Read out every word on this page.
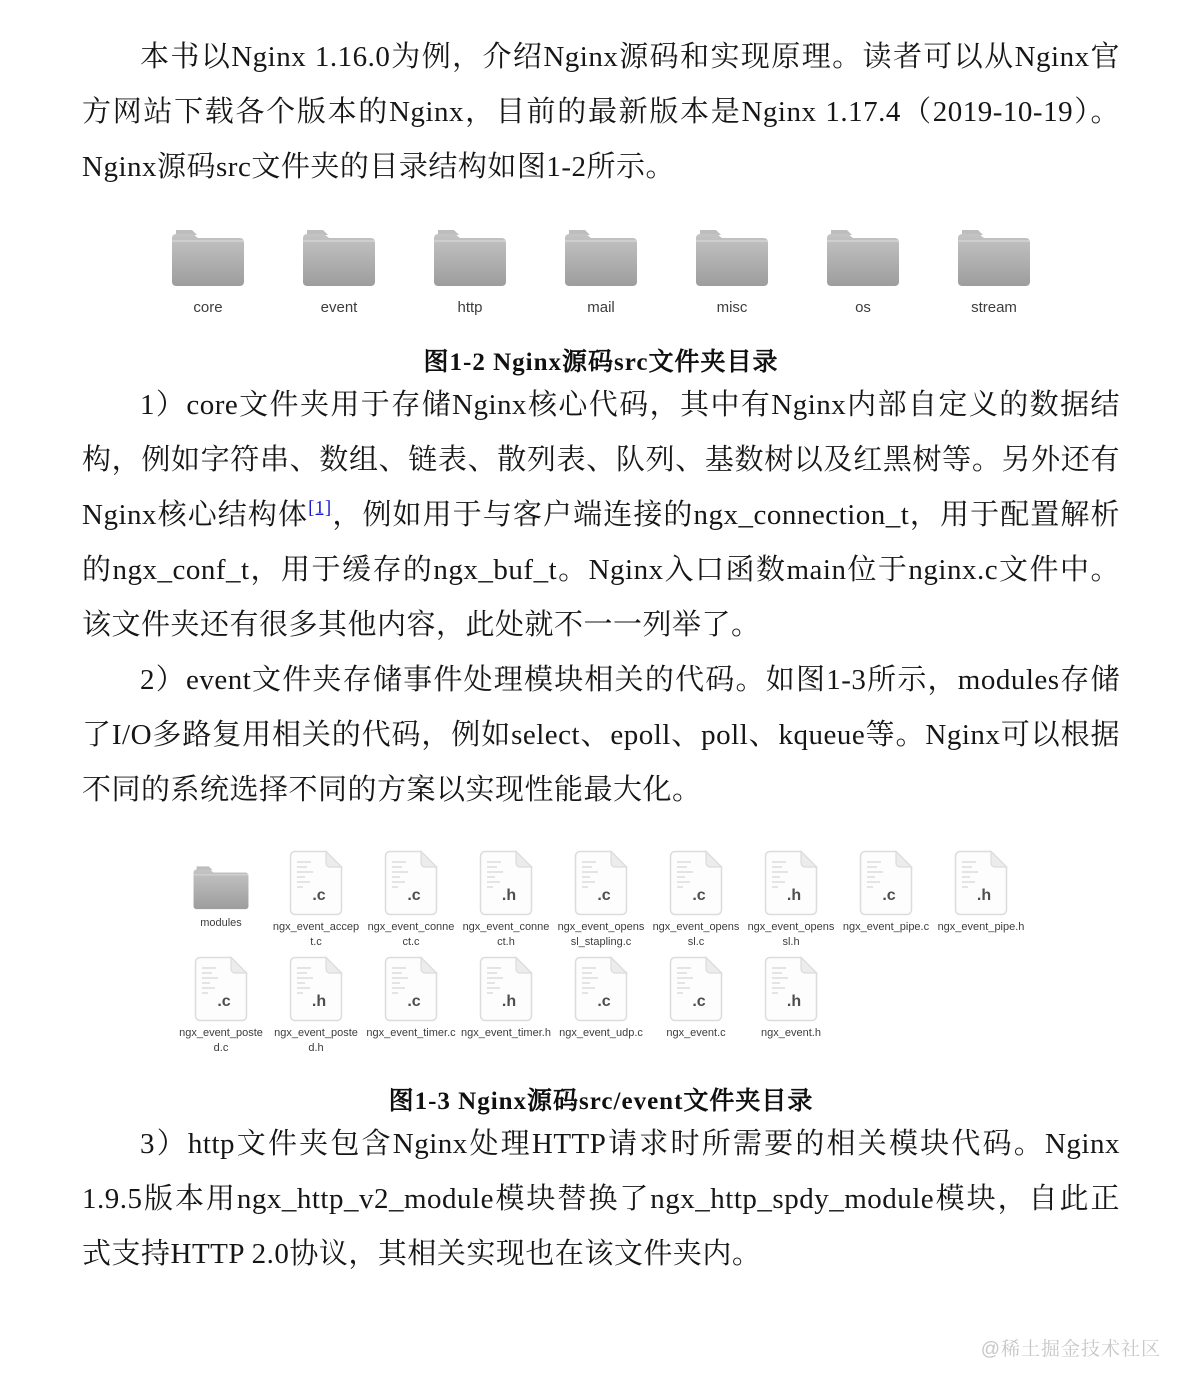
本书以Nginx 1.16.0为例，介绍Nginx源码和实现原理。读者可以从Nginx官方网站下载各个版本的Nginx，目前的最新版本是Nginx 1.17.4（2019-10-19）。Nginx源码src文件夹的目录结构如图1-2所示。

core	event	http	mail	misc	os	stream
图1-2 Nginx源码src文件夹目录

1）core文件夹用于存储Nginx核心代码，其中有Nginx内部自定义的数据结构，例如字符串、数组、链表、散列表、队列、基数树以及红黑树等。另外还有Nginx核心结构体[1]，例如用于与客户端连接的ngx_connection_t，用于配置解析的ngx_conf_t，用于缓存的ngx_buf_t。Nginx入口函数main位于nginx.c文件中。该文件夹还有很多其他内容，此处就不一一列举了。

2）event文件夹存储事件处理模块相关的代码。如图1-3所示，modules存储了I/O多路复用相关的代码，例如select、epoll、poll、kqueue等。Nginx可以根据不同的系统选择不同的方案以实现性能最大化。

modules
.c
ngx_event_accept.c
.c
ngx_event_connect.c
.h
ngx_event_connect.h
.c
ngx_event_openssl_stapling.c
.c
ngx_event_openssl.c
.h
ngx_event_openssl.h
.c
ngx_event_pipe.c
.h
ngx_event_pipe.h
.c
ngx_event_posted.c
.h
ngx_event_posted.h
.c
ngx_event_timer.c
.h
ngx_event_timer.h
.c
ngx_event_udp.c
.c
ngx_event.c
.h
ngx_event.h
图1-3 Nginx源码src/event文件夹目录

3）http文件夹包含Nginx处理HTTP请求时所需要的相关模块代码。Nginx 1.9.5版本用ngx_http_v2_module模块替换了ngx_http_spdy_module模块，自此正式支持HTTP 2.0协议，其相关实现也在该文件夹内。

@稀土掘金技术社区
